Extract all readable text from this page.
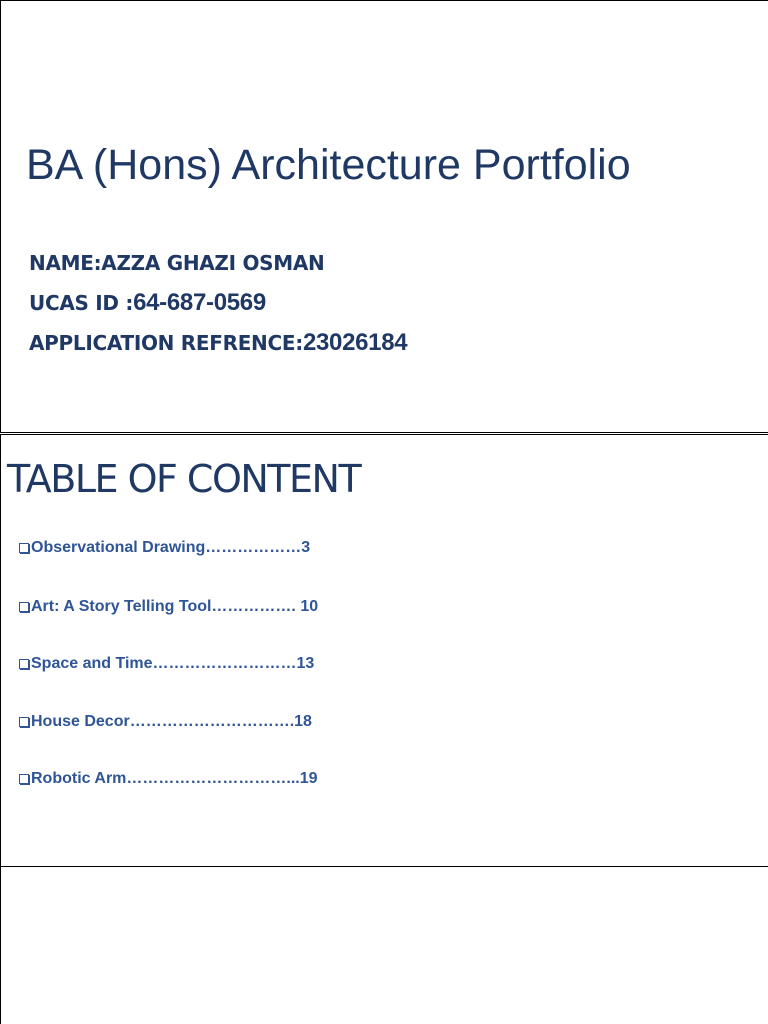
BA (Hons) Architecture Portfolio
NAME:AZZA GHAZI OSMAN
UCAS ID :64-687-0569
APPLICATION REFRENCE:23026184
TABLE OF CONTENT
Observational Drawing………………3
Art: A Story Telling Tool……………. 10
Space and Time………………………13
House Decor………………………….18
Robotic Arm…………………………...19
